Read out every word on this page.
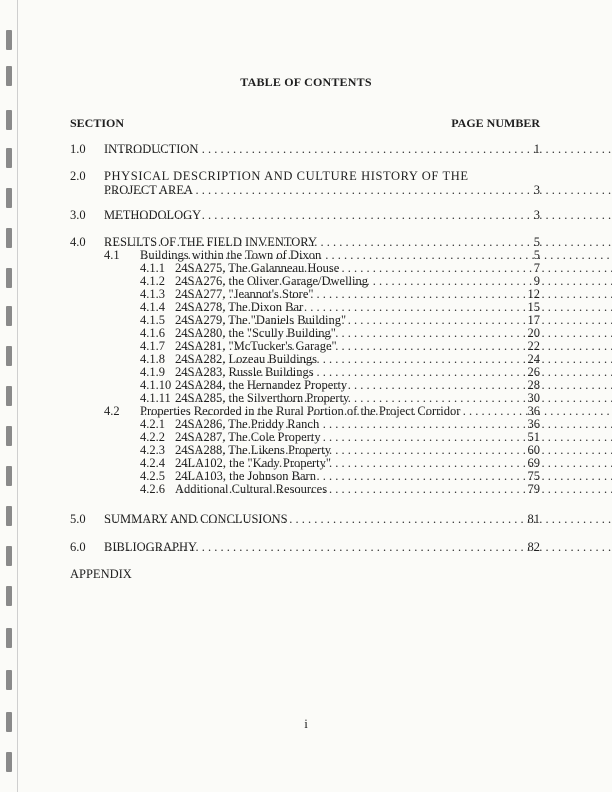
TABLE OF CONTENTS
SECTION	PAGE NUMBER
1.0 INTRODUCTION . . .	1
2.0 PHYSICAL DESCRIPTION AND CULTURE HISTORY OF THE
PROJECT AREA . . .	3
3.0 METHODOLOGY . . .	3
4.0 RESULTS OF THE FIELD INVENTORY . . .	5
4.1 Buildings within the Town of Dixon . . .	5
4.1.1 24SA275, The Galanneau House . . .	7
4.1.2 24SA276, the Oliver Garage/Dwelling . . .	9
4.1.3 24SA277, "Jeannot's Store" . . .	12
4.1.4 24SA278, The Dixon Bar . . .	15
4.1.5 24SA279, The "Daniels Building" . . .	17
4.1.6 24SA280, the "Scully Building" . . .	20
4.1.7 24SA281, "McTucker's Garage" . . .	22
4.1.8 24SA282, Lozeau Buildings . . .	24
4.1.9 24SA283, Russle Buildings . . .	26
4.1.10 24SA284, the Hernandez Property . . .	28
4.1.11 24SA285, the Silverthorn Property . . .	30
4.2 Properties Recorded in the Rural Portion of the Project Corridor . . .	36
4.2.1 24SA286, The Priddy Ranch . . .	36
4.2.2 24SA287, The Cole Property . . .	51
4.2.3 24SA288, The Likens Property . . .	60
4.2.4 24LA102, the "Kady Property" . . .	69
4.2.5 24LA103, the Johnson Barn . . .	75
4.2.6 Additional Cultural Resources . . .	79
5.0 SUMMARY AND CONCLUSIONS . . .	81
6.0 BIBLIOGRAPHY . . .	82
APPENDIX
i
